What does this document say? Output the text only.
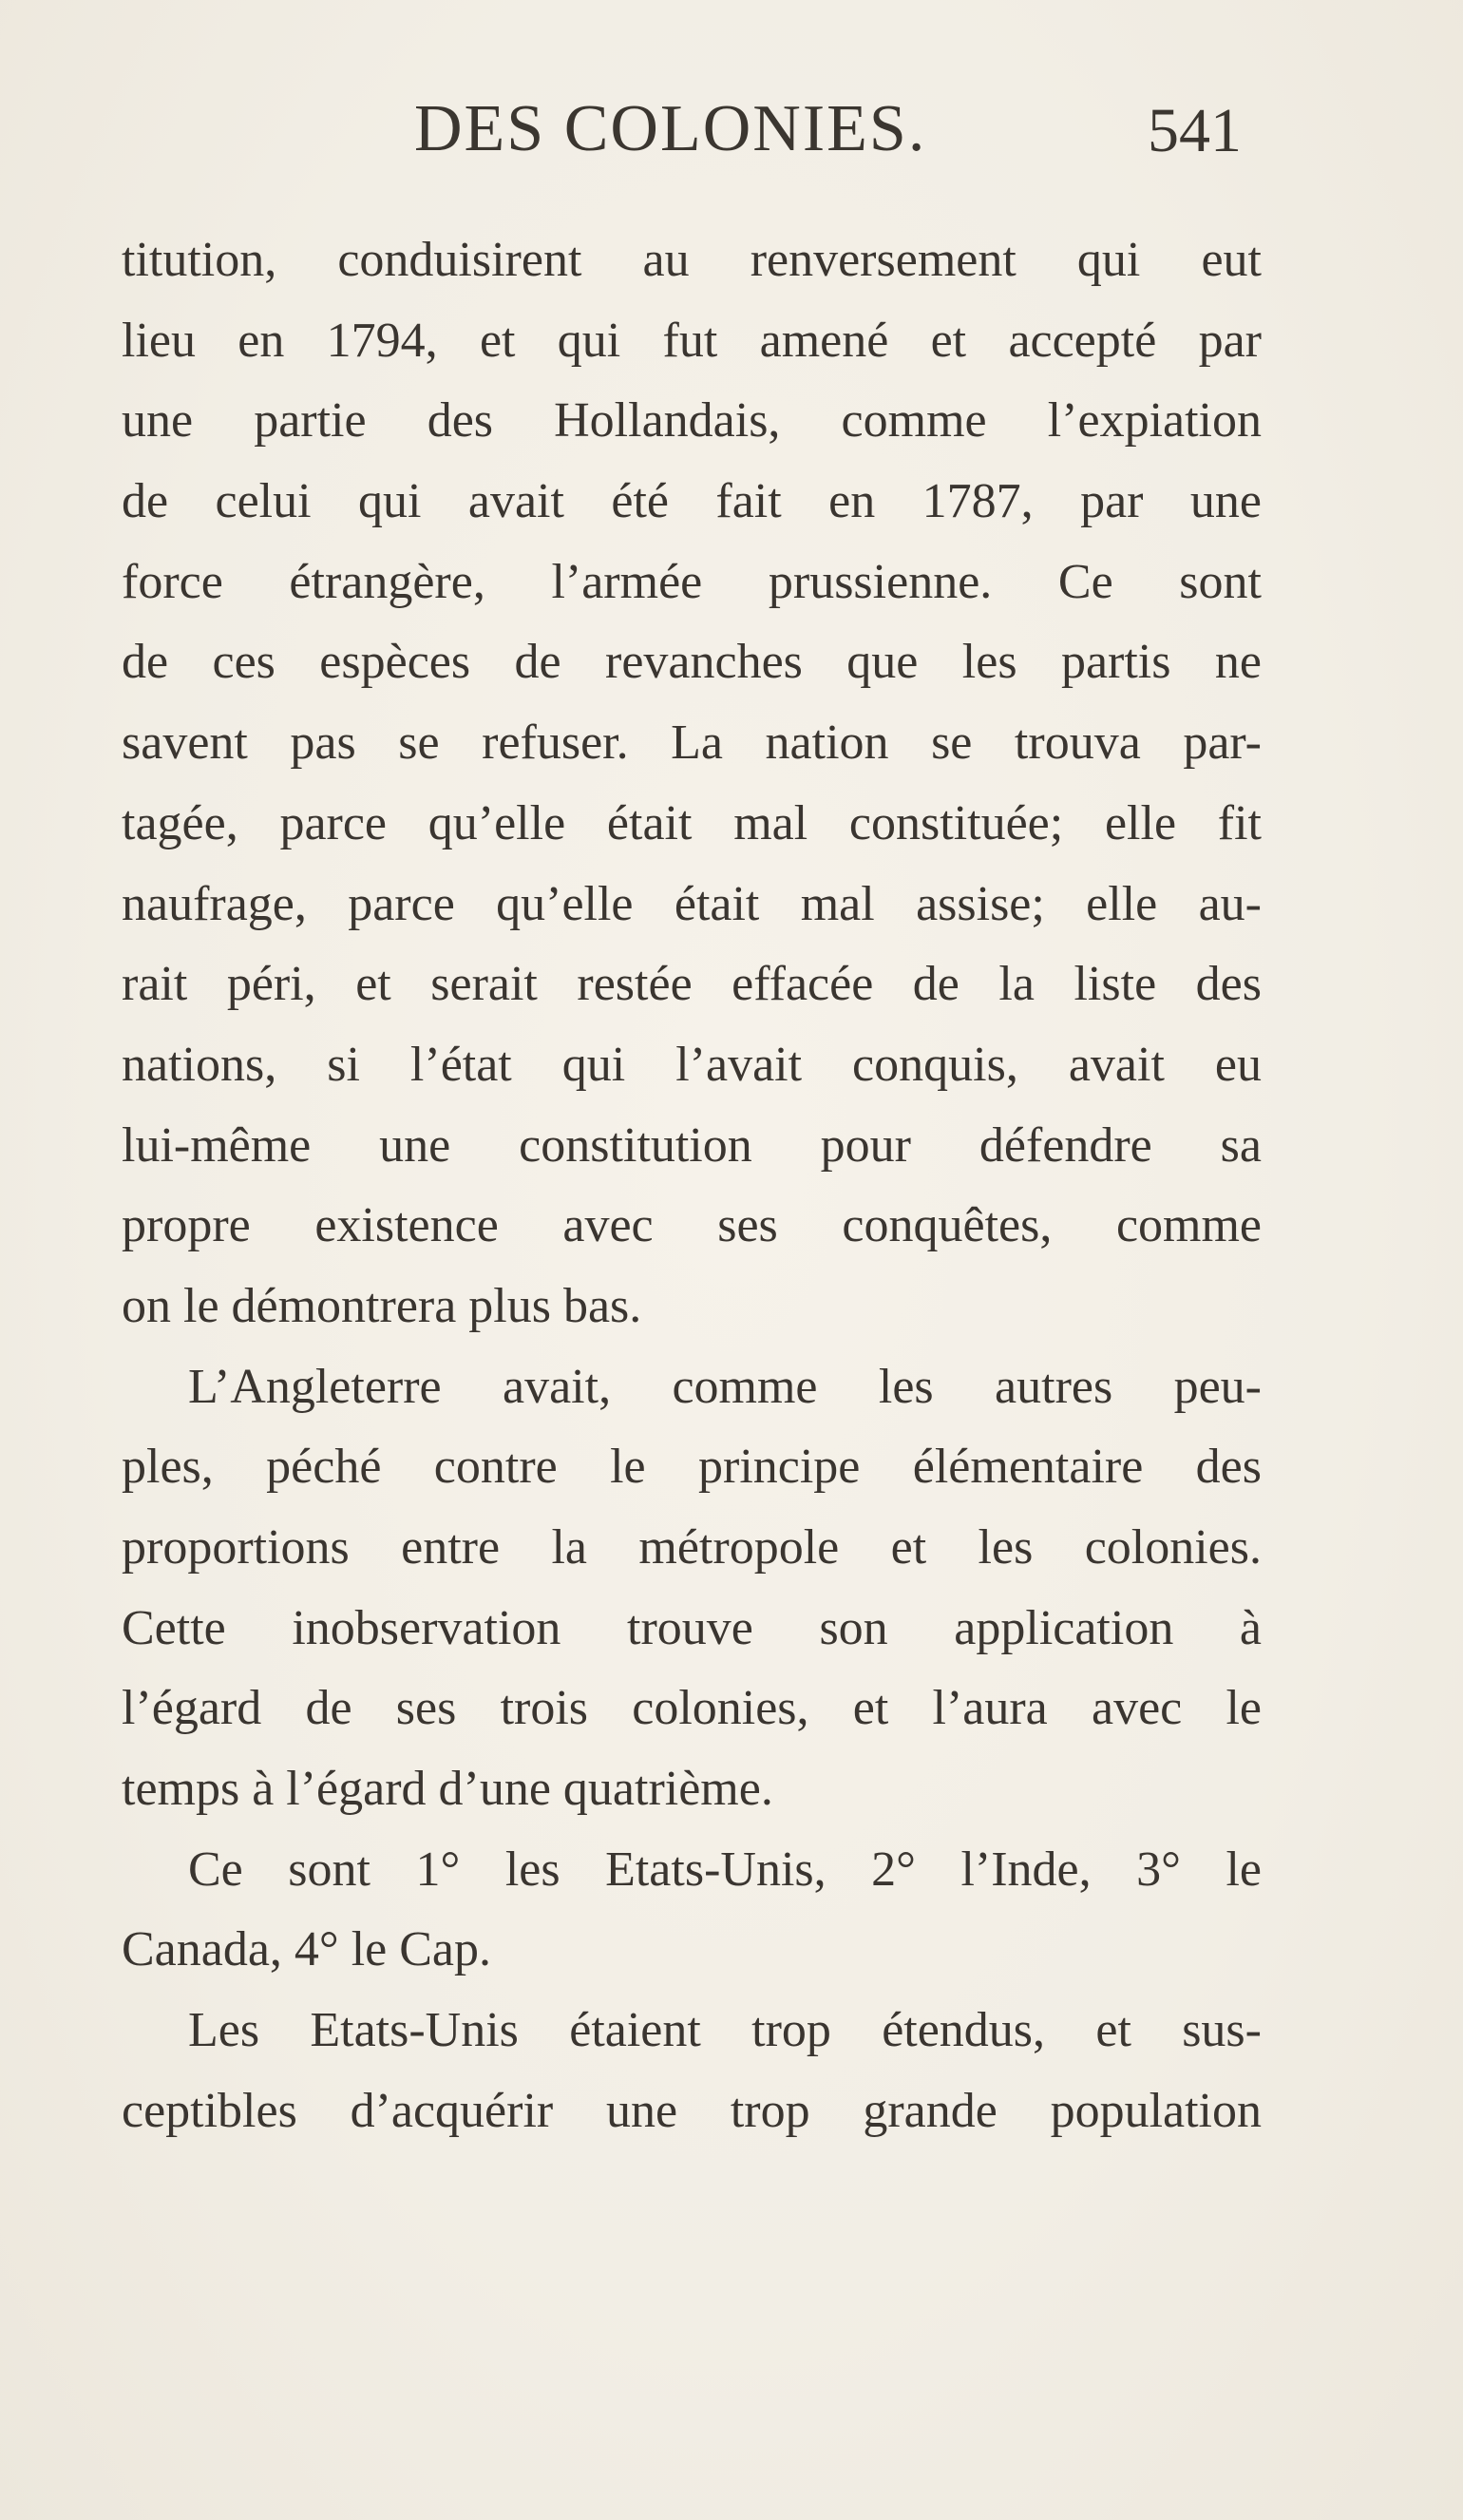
DES COLONIES.	541
titution, conduisirent au renversement qui eut
lieu en 1794, et qui fut amené et accepté par
une partie des Hollandais, comme l’expiation
de celui qui avait été fait en 1787, par une
force étrangère, l’armée prussienne. Ce sont
de ces espèces de revanches que les partis ne
savent pas se refuser. La nation se trouva par-
tagée, parce qu’elle était mal constituée; elle fit
naufrage, parce qu’elle était mal assise; elle au-
rait péri, et serait restée effacée de la liste des
nations, si l’état qui l’avait conquis, avait eu
lui-même une constitution pour défendre sa
propre existence avec ses conquêtes, comme
on le démontrera plus bas.
L’Angleterre avait, comme les autres peu-
ples, péché contre le principe élémentaire des
proportions entre la métropole et les colonies.
Cette inobservation trouve son application à
l’égard de ses trois colonies, et l’aura avec le
temps à l’égard d’une quatrième.
Ce sont 1° les Etats-Unis, 2° l’Inde, 3° le
Canada, 4° le Cap.
Les Etats-Unis étaient trop étendus, et sus-
ceptibles d’acquérir une trop grande population
